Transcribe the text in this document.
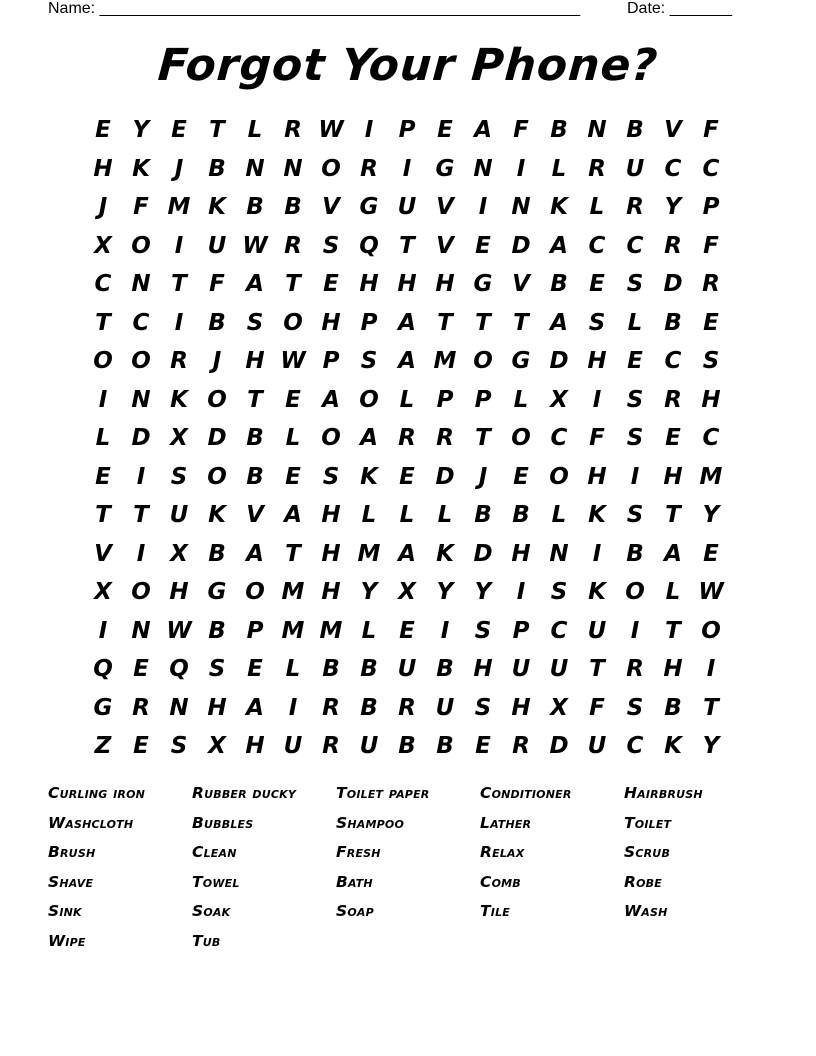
Name: ______________________________________________________	Date: _______
Forgot Your Phone?
E Y E T L R W I	P E A F B N B V F
H K	J	B N N O R	I	G N	I	L R U C C
J	F M K B B V G U V	I	N K L R Y P
X O	I	U W R S Q T V E D A C C R F
C N T F A T E H H H G V B E S D R
T C	I	B S O H P A T T T A S L B E
O O R	J	H W P S A M O G D H E C S
I	N K O T E A O L P P L X	I	S R H
L D X D B L O A R R T O C F S E C
E	I	S O B E S K E D	J	E O H	I	H M
T T U K V A H L	L	L B B L K S T Y
V	I	X B A T H M A K D H N	I	B A E
X O H G O M H Y X Y Y	I	S K O L W
I	N W B P M M L E	I	S P C U	I	T O
Q E Q S E L B B U B H U U T R H	I
G R N H A	I	R B R U S H X F S B T
Z E S X H U R U B B E R D U C K Y
Curling iron	Rubber ducky	Toilet paper	Conditioner	Hairbrush
Washcloth	Bubbles	Shampoo	Lather	Toilet
Brush	Clean	Fresh	Relax	Scrub
Shave	Towel	Bath	Comb	Robe
Sink	Soak	Soap	Tile	Wash
Wipe	Tub
